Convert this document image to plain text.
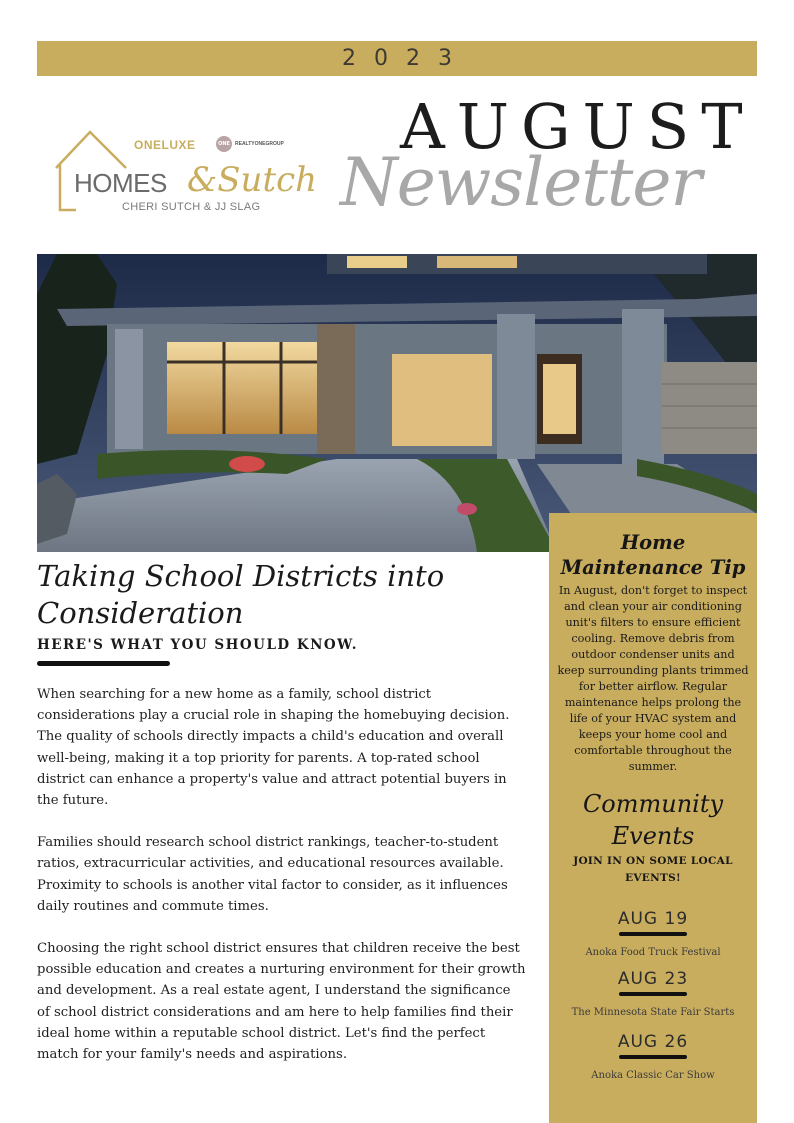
2023
ONELUXE	ONE	REALTYONEGROUP
HOMES &Sutch
CHERI SUTCH & JJ SLAG
AUGUST
Newsletter
Taking School Districts into Consideration
HERE'S WHAT YOU SHOULD KNOW.

When searching for a new home as a family, school district considerations play a crucial role in shaping the homebuying decision. The quality of schools directly impacts a child's education and overall well-being, making it a top priority for parents. A top-rated school district can enhance a property's value and attract potential buyers in the future.

Families should research school district rankings, teacher-to-student ratios, extracurricular activities, and educational resources available. Proximity to schools is another vital factor to consider, as it influences daily routines and commute times.

Choosing the right school district ensures that children receive the best possible education and creates a nurturing environment for their growth and development. As a real estate agent, I understand the significance of school district considerations and am here to help families find their ideal home within a reputable school district. Let's find the perfect match for your family's needs and aspirations.

Home Maintenance Tip
In August, don't forget to inspect and clean your air conditioning unit's filters to ensure efficient cooling. Remove debris from outdoor condenser units and keep surrounding plants trimmed for better airflow. Regular maintenance helps prolong the life of your HVAC system and keeps your home cool and comfortable throughout the summer.
Community Events
JOIN IN ON SOME LOCAL EVENTS!
AUG 19
Anoka Food Truck Festival
AUG 23
The Minnesota State Fair Starts
AUG 26
Anoka Classic Car Show
